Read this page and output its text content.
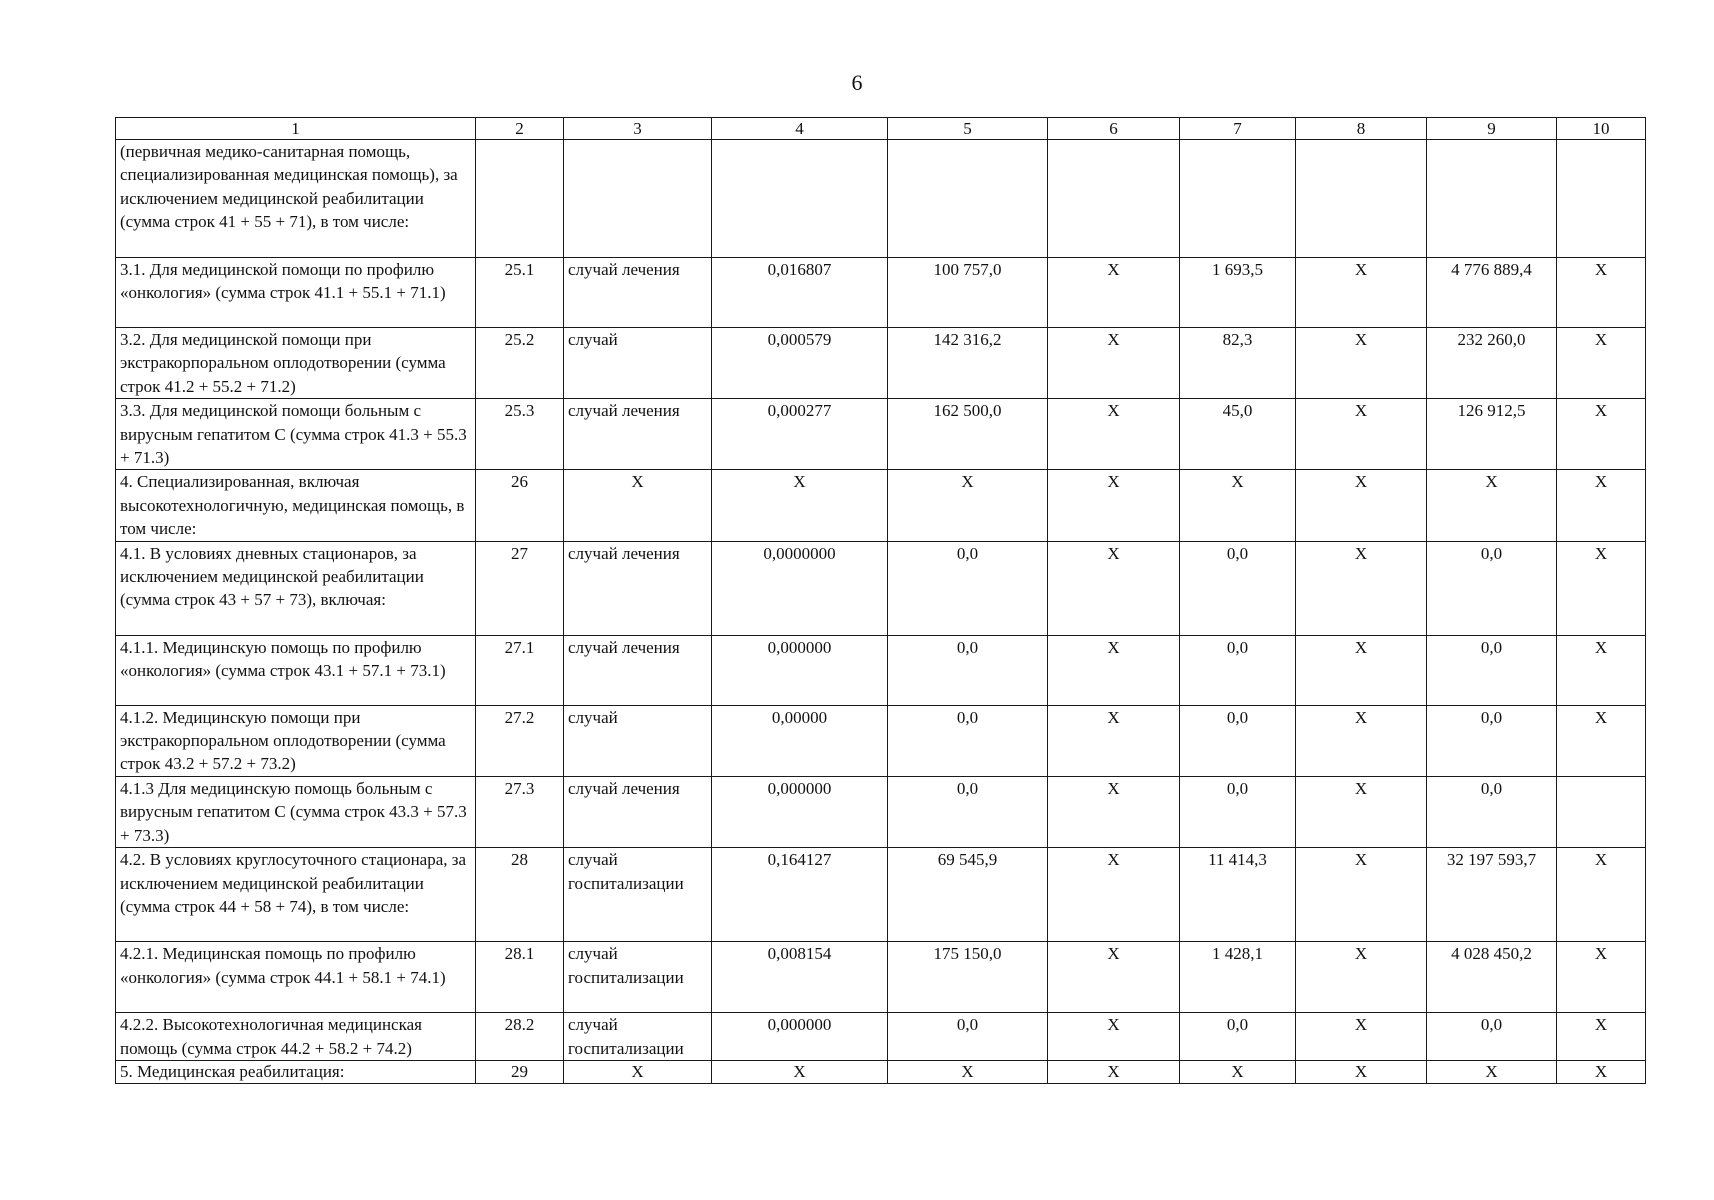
6
1	2	3	4	5	6	7	8	9	10
(первичная медико-санитарная помощь, специализированная медицинская помощь), за исключением медицинской реабилитации (сумма строк 41 + 55 + 71), в том числе:									
3.1. Для медицинской помощи по профилю «онкология» (сумма строк 41.1 + 55.1 + 71.1)	25.1	случай лечения	0,016807	100 757,0	Х	1 693,5	Х	4 776 889,4	Х
3.2. Для медицинской помощи при экстракорпоральном оплодотворении (сумма строк 41.2 + 55.2 + 71.2)	25.2	случай	0,000579	142 316,2	Х	82,3	Х	232 260,0	Х
3.3. Для медицинской помощи больным с вирусным гепатитом С (сумма строк 41.3 + 55.3 + 71.3)	25.3	случай лечения	0,000277	162 500,0	Х	45,0	Х	126 912,5	Х
4. Специализированная, включая высокотехнологичную, медицинская помощь, в том числе:	26	Х	Х	Х	Х	Х	Х	Х	Х
4.1. В условиях дневных стационаров, за исключением медицинской реабилитации (сумма строк 43 + 57 + 73), включая:	27	случай лечения	0,0000000	0,0	Х	0,0	Х	0,0	Х
4.1.1. Медицинскую помощь по профилю «онкология» (сумма строк 43.1 + 57.1 + 73.1)	27.1	случай лечения	0,000000	0,0	Х	0,0	Х	0,0	Х
4.1.2. Медицинскую помощи при экстракорпоральном оплодотворении (сумма строк 43.2 + 57.2 + 73.2)	27.2	случай	0,00000	0,0	Х	0,0	Х	0,0	Х
4.1.3 Для медицинскую помощь больным с вирусным гепатитом С (сумма строк 43.3 + 57.3 + 73.3)	27.3	случай лечения	0,000000	0,0	Х	0,0	Х	0,0	
4.2. В условиях круглосуточного стационара, за исключением медицинской реабилитации (сумма строк 44 + 58 + 74), в том числе:	28	случай госпитализации	0,164127	69 545,9	Х	11 414,3	Х	32 197 593,7	Х
4.2.1. Медицинская помощь по профилю «онкология» (сумма строк 44.1 + 58.1 + 74.1)	28.1	случай госпитализации	0,008154	175 150,0	Х	1 428,1	Х	4 028 450,2	Х
4.2.2. Высокотехнологичная медицинская помощь (сумма строк 44.2 + 58.2 + 74.2)	28.2	случай госпитализации	0,000000	0,0	Х	0,0	Х	0,0	Х
5. Медицинская реабилитация:	29	Х	Х	Х	Х	Х	Х	Х	Х
